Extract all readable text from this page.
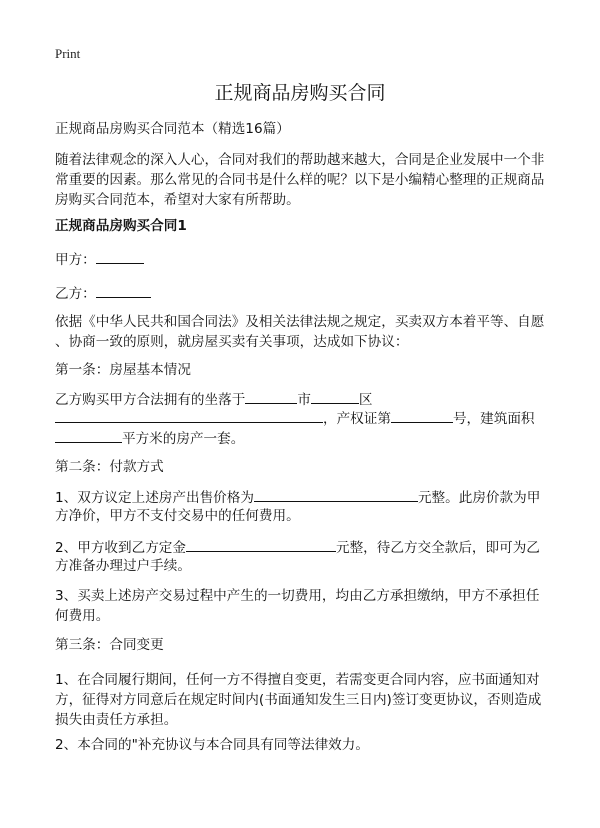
Print
正规商品房购买合同
正规商品房购买合同范本（精选16篇）
随着法律观念的深入人心，合同对我们的帮助越来越大，合同是企业发展中一个非
常重要的因素。那么常见的合同书是什么样的呢？以下是小编精心整理的正规商品
房购买合同范本，希望对大家有所帮助。
正规商品房购买合同1
甲方：
乙方：
依据《中华人民共和国合同法》及相关法律法规之规定，买卖双方本着平等、自愿
、协商一致的原则，就房屋买卖有关事项，达成如下协议：
第一条：房屋基本情况
乙方购买甲方合法拥有的坐落于	市	区
，产权证第	号，建筑面积
平方米的房产一套。
第二条：付款方式
1、双方议定上述房产出售价格为	元整。此房价款为甲
方净价，甲方不支付交易中的任何费用。
2、甲方收到乙方定金	元整，待乙方交全款后，即可为乙
方准备办理过户手续。
3、买卖上述房产交易过程中产生的一切费用，均由乙方承担缴纳，甲方不承担任
何费用。
第三条：合同变更
1、在合同履行期间，任何一方不得擅自变更，若需变更合同内容，应书面通知对
方，征得对方同意后在规定时间内(书面通知发生三日内)签订变更协议，否则造成
损失由责任方承担。
2、本合同的"补充协议与本合同具有同等法律效力。
